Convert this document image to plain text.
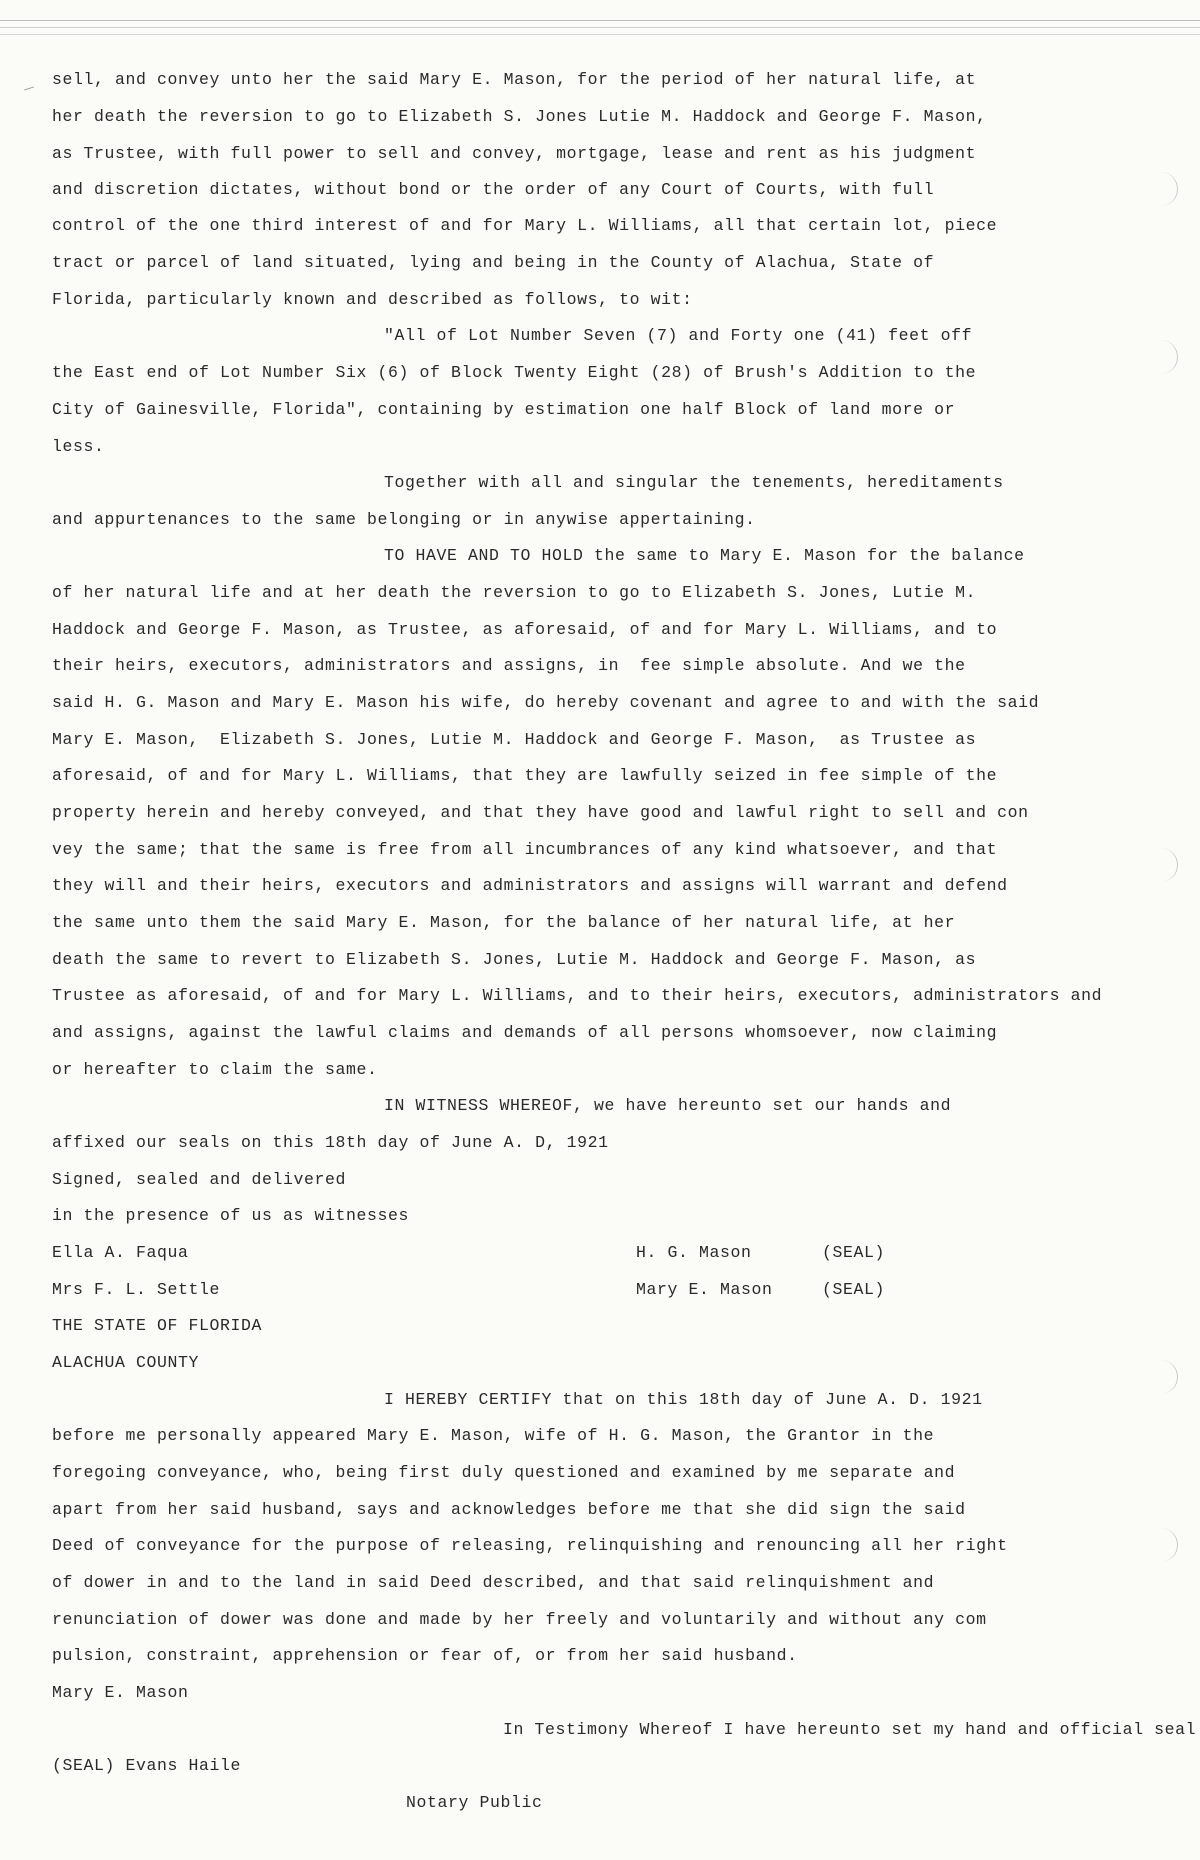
sell, and convey unto her the said Mary E. Mason, for the period of her natural life, at
her death the reversion to go to Elizabeth S. Jones Lutie M. Haddock and George F. Mason,
as Trustee, with full power to sell and convey, mortgage, lease and rent as his judgment
and discretion dictates, without bond or the order of any Court of Courts, with full
control of the one third interest of and for Mary L. Williams, all that certain lot, piece
tract or parcel of land situated, lying and being in the County of Alachua, State of
Florida, particularly known and described as follows, to wit:
"All of Lot Number Seven (7) and Forty one (41) feet off
the East end of Lot Number Six (6) of Block Twenty Eight (28) of Brush's Addition to the
City of Gainesville, Florida", containing by estimation one half Block of land more or
less.
Together with all and singular the tenements, hereditaments
and appurtenances to the same belonging or in anywise appertaining.
TO HAVE AND TO HOLD the same to Mary E. Mason for the balance
of her natural life and at her death the reversion to go to Elizabeth S. Jones, Lutie M.
Haddock and George F. Mason, as Trustee, as aforesaid, of and for Mary L. Williams, and to
their heirs, executors, administrators and assigns, in  fee simple absolute. And we the
said H. G. Mason and Mary E. Mason his wife, do hereby covenant and agree to and with the said
Mary E. Mason,  Elizabeth S. Jones, Lutie M. Haddock and George F. Mason,  as Trustee as
aforesaid, of and for Mary L. Williams, that they are lawfully seized in fee simple of the
property herein and hereby conveyed, and that they have good and lawful right to sell and con
vey the same; that the same is free from all incumbrances of any kind whatsoever, and that
they will and their heirs, executors and administrators and assigns will warrant and defend
the same unto them the said Mary E. Mason, for the balance of her natural life, at her
death the same to revert to Elizabeth S. Jones, Lutie M. Haddock and George F. Mason, as
Trustee as aforesaid, of and for Mary L. Williams, and to their heirs, executors, administrators and
and assigns, against the lawful claims and demands of all persons whomsoever, now claiming
or hereafter to claim the same.
IN WITNESS WHEREOF, we have hereunto set our hands and
affixed our seals on this 18th day of June A. D, 1921
Signed, sealed and delivered
in the presence of us as witnesses
Ella A. Faqua
Mrs F. L. Settle
THE STATE OF FLORIDA
ALACHUA COUNTY
I HEREBY CERTIFY that on this 18th day of June A. D. 1921
before me personally appeared Mary E. Mason, wife of H. G. Mason, the Grantor in the
foregoing conveyance, who, being first duly questioned and examined by me separate and
apart from her said husband, says and acknowledges before me that she did sign the said
Deed of conveyance for the purpose of releasing, relinquishing and renouncing all her right
of dower in and to the land in said Deed described, and that said relinquishment and
renunciation of dower was done and made by her freely and voluntarily and without any com
pulsion, constraint, apprehension or fear of, or from her said husband.
Mary E. Mason
In Testimony Whereof I have hereunto set my hand and official seal
(SEAL) Evans Haile
Notary Public
H. G. Mason	(SEAL)
Mary E. Mason	(SEAL)
